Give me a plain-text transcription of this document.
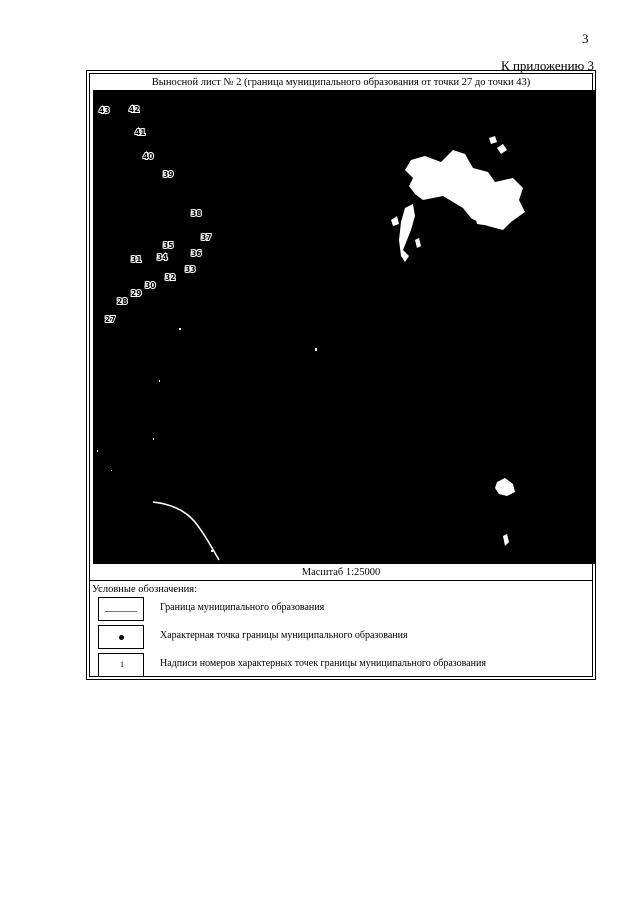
3
К приложению 3
Выносной лист № 2 (граница муниципального образования от точки 27 до точки 43)
43	42
41
40
39
38
37
36
35
34
33
32
31
30
29
28
27
Масштаб 1:25000
Условные обозначения:
Граница муниципального образования
Характерная точка границы муниципального образования
1	Надписи номеров характерных точек границы муниципального образования
